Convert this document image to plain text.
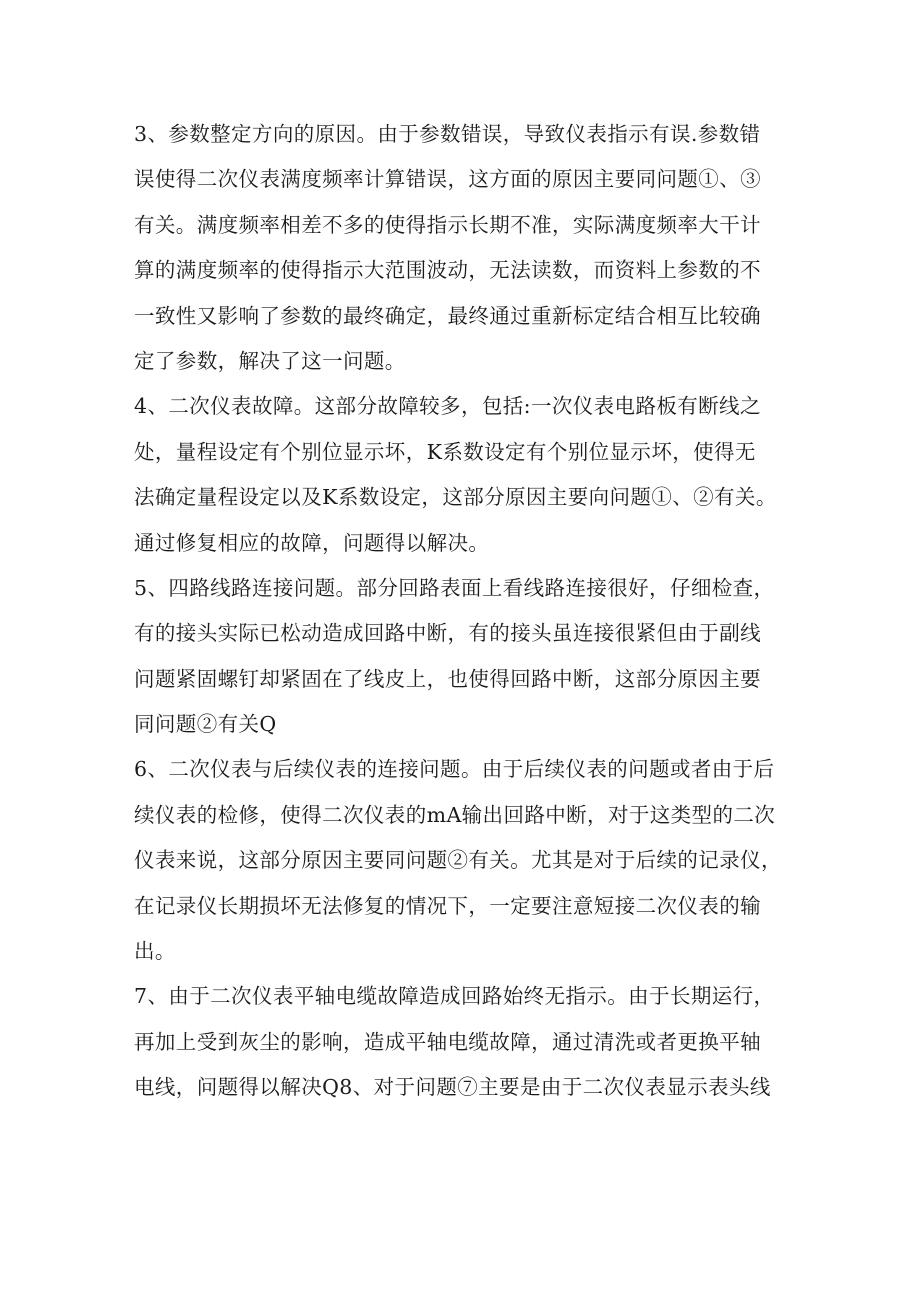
3、参数整定方向的原因。由于参数错误，导致仪表指示有误.参数错
误使得二次仪表满度频率计算错误，这方面的原因主要同问题①、③
有关。满度频率相差不多的使得指示长期不准，实际满度频率大干计
算的满度频率的使得指示大范围波动，无法读数，而资料上参数的不
一致性又影响了参数的最终确定，最终通过重新标定结合相互比较确
定了参数，解决了这一问题。
4、二次仪表故障。这部分故障较多，包括:一次仪表电路板有断线之
处，量程设定有个别位显示坏，K系数设定有个别位显示坏，使得无
法确定量程设定以及K系数设定，这部分原因主要向问题①、②有关。
通过修复相应的故障，问题得以解决。
5、四路线路连接问题。部分回路表面上看线路连接很好，仔细检查，
有的接头实际已松动造成回路中断，有的接头虽连接很紧但由于副线
问题紧固螺钉却紧固在了线皮上，也使得回路中断，这部分原因主要
同问题②有关Q
6、二次仪表与后续仪表的连接问题。由于后续仪表的问题或者由于后
续仪表的检修，使得二次仪表的mA输出回路中断，对于这类型的二次
仪表来说，这部分原因主要同问题②有关。尤其是对于后续的记录仪，
在记录仪长期损坏无法修复的情况下，一定要注意短接二次仪表的输
出。
7、由于二次仪表平轴电缆故障造成回路始终无指示。由于长期运行，
再加上受到灰尘的影响，造成平轴电缆故障，通过清洗或者更换平轴
电线，问题得以解决Q8、对于问题⑦主要是由于二次仪表显示表头线
